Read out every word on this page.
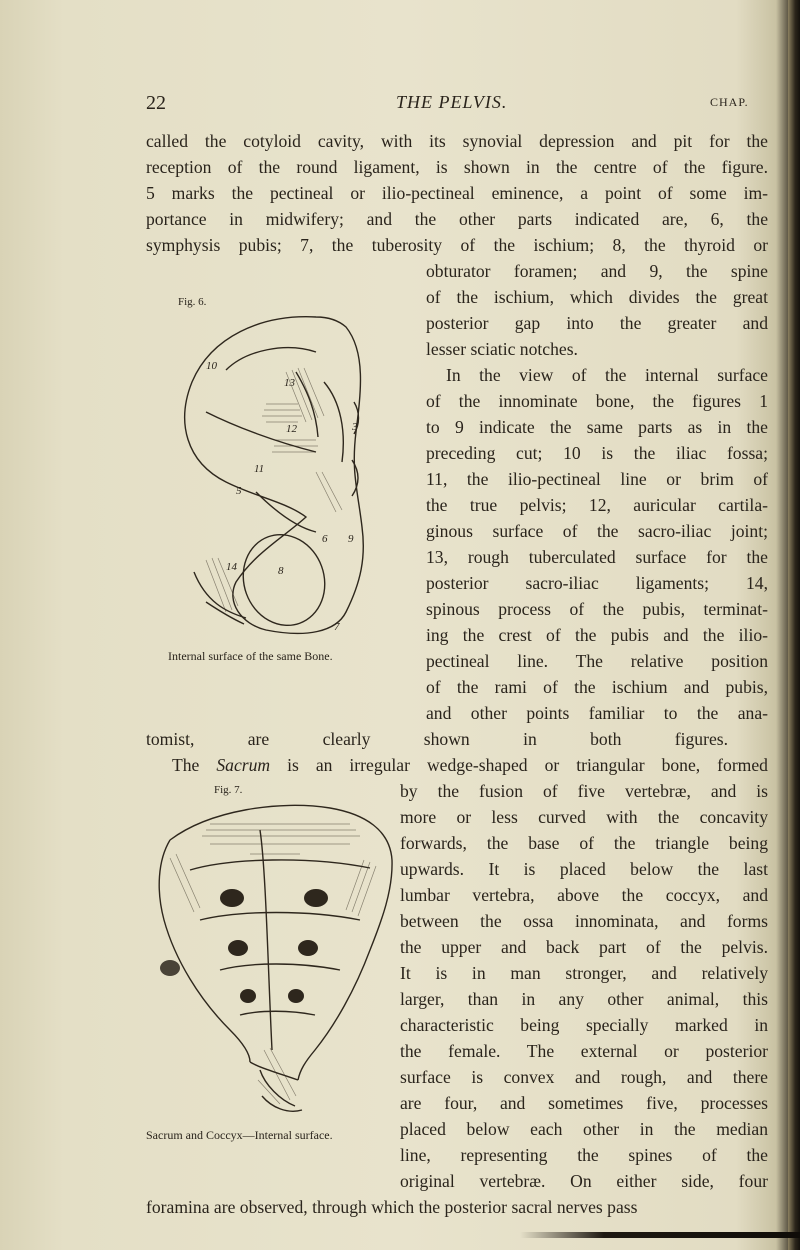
22	THE PELVIS.	CHAP.
called the cotyloid cavity, with its synovial depression and pit for the
reception of the round ligament, is shown in the centre of the figure.
5 marks the pectineal or ilio-pectineal eminence, a point of some im-
portance in midwifery; and the other parts indicated are, 6, the
symphysis pubis; 7, the tuberosity of the ischium; 8, the thyroid or
Fig. 6.
10
13
12	3
11
5
6 9
14	8
7
Internal surface of the same Bone.
obturator foramen; and 9, the spine
of the ischium, which divides the great
posterior gap into the greater and
lesser sciatic notches.
In the view of the internal surface
of the innominate bone, the figures 1
to 9 indicate the same parts as in the
preceding cut; 10 is the iliac fossa;
11, the ilio-pectineal line or brim of
the true pelvis; 12, auricular cartila-
ginous surface of the sacro-iliac joint;
13, rough tuberculated surface for the
posterior sacro-iliac ligaments; 14,
spinous process of the pubis, terminat-
ing the crest of the pubis and the ilio-
pectineal line. The relative position
of the rami of the ischium and pubis,
and other points familiar to the ana-
tomist, are clearly shown in both figures.
The Sacrum is an irregular wedge-shaped or triangular bone, formed
Fig. 7.
Sacrum and Coccyx—Internal surface.
by the fusion of five vertebræ, and is
more or less curved with the concavity
forwards, the base of the triangle being
upwards. It is placed below the last
lumbar vertebra, above the coccyx, and
between the ossa innominata, and forms
the upper and back part of the pelvis.
It is in man stronger, and relatively
larger, than in any other animal, this
characteristic being specially marked in
the female. The external or posterior
surface is convex and rough, and there
are four, and sometimes five, processes
placed below each other in the median
line, representing the spines of the
original vertebræ. On either side, four
foramina are observed, through which the posterior sacral nerves pass
